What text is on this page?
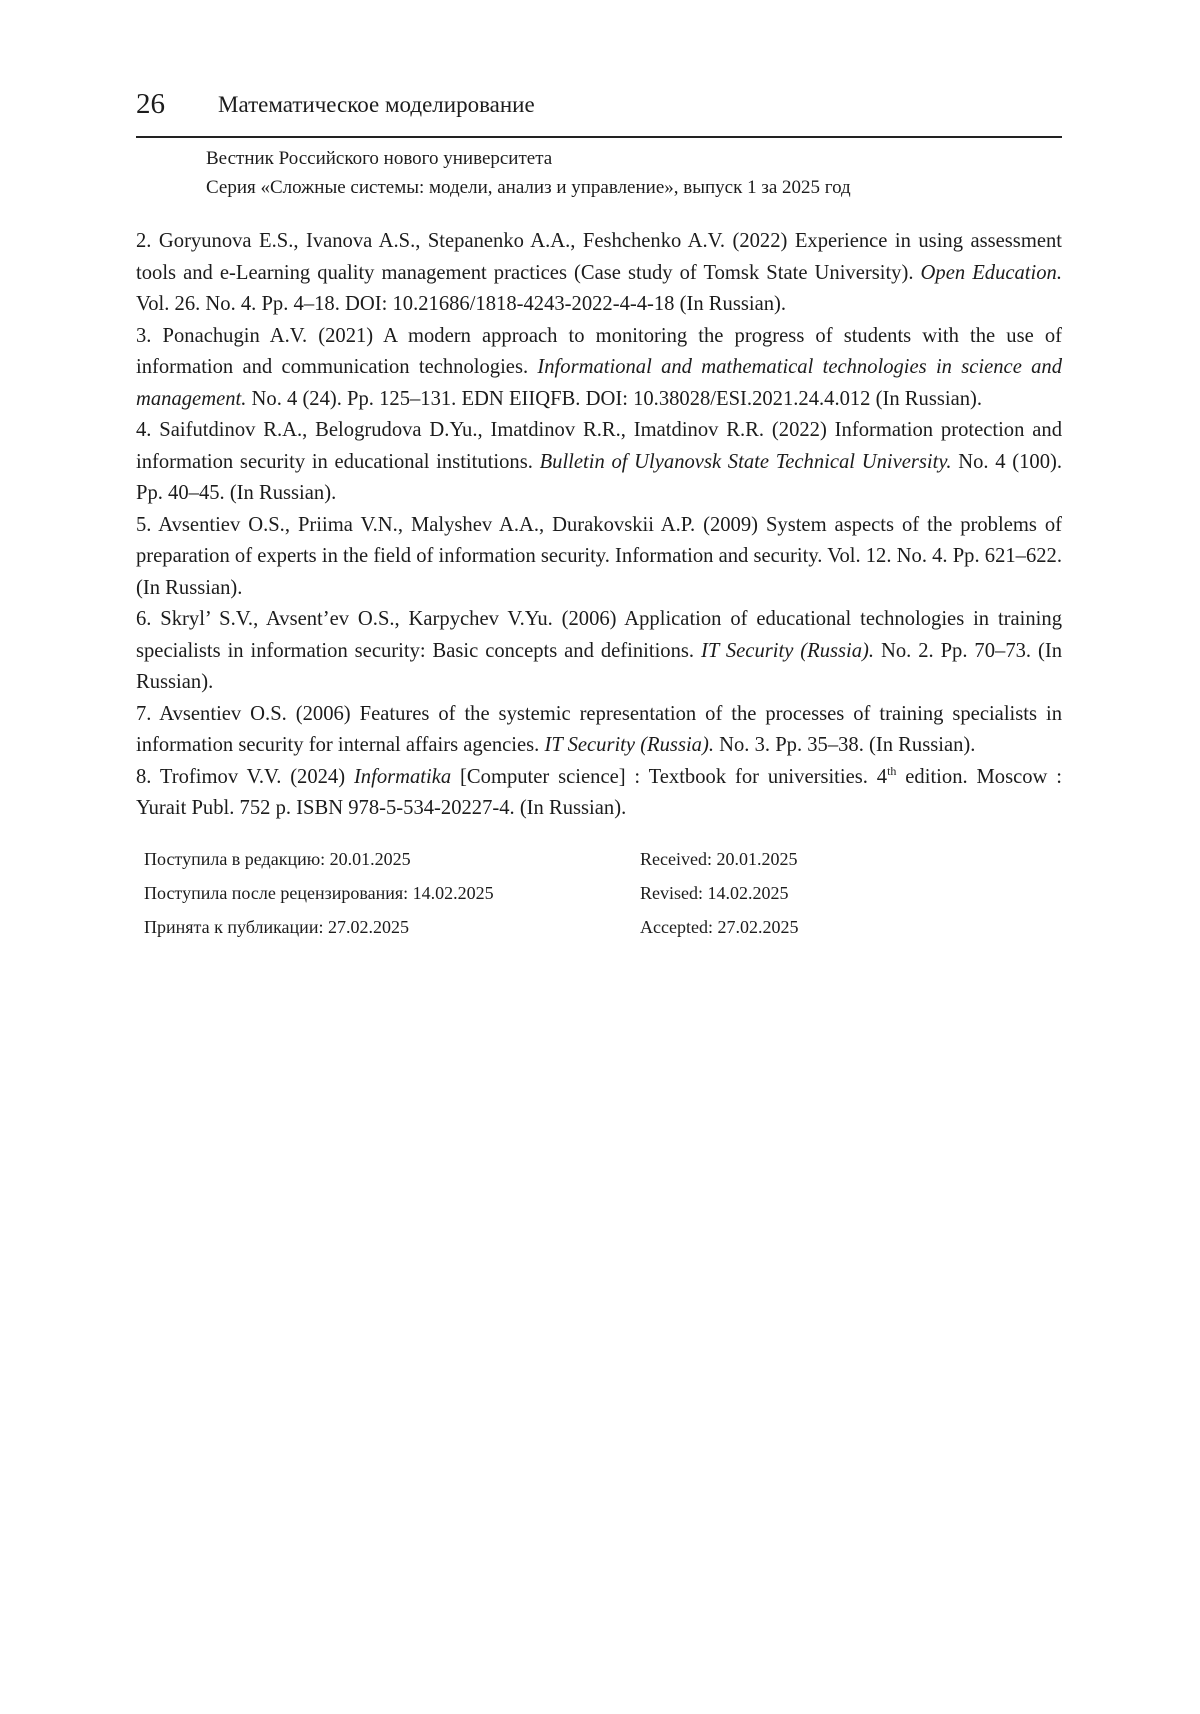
26 Математическое моделирование
Вестник Российского нового университета
Серия «Сложные системы: модели, анализ и управление», выпуск 1 за 2025 год

2. Goryunova E.S., Ivanova A.S., Stepanenko A.A., Feshchenko A.V. (2022) Experience in using assessment tools and e-Learning quality management practices (Case study of Tomsk State University). Open Education. Vol. 26. No. 4. Pp. 4–18. DOI: 10.21686/1818-4243-2022-4-4-18 (In Russian).

3. Ponachugin A.V. (2021) A modern approach to monitoring the progress of students with the use of information and communication technologies. Informational and mathematical technologies in science and management. No. 4 (24). Pp. 125–131. EDN EIIQFB. DOI: 10.38028/ESI.2021.24.4.012 (In Russian).

4. Saifutdinov R.A., Belogrudova D.Yu., Imatdinov R.R., Imatdinov R.R. (2022) Information protection and information security in educational institutions. Bulletin of Ulyanovsk State Technical University. No. 4 (100). Pp. 40–45. (In Russian).

5. Avsentiev O.S., Priima V.N., Malyshev A.A., Durakovskii A.P. (2009) System aspects of the problems of preparation of experts in the field of information security. Information and security. Vol. 12. No. 4. Pp. 621–622. (In Russian).

6. Skryl’ S.V., Avsent’ev O.S., Karpychev V.Yu. (2006) Application of educational technologies in training specialists in information security: Basic concepts and definitions. IT Security (Russia). No. 2. Pp. 70–73. (In Russian).

7. Avsentiev O.S. (2006) Features of the systemic representation of the processes of training specialists in information security for internal affairs agencies. IT Security (Russia). No. 3. Pp. 35–38. (In Russian).

8. Trofimov V.V. (2024) Informatika [Computer science] : Textbook for universities. 4th edition. Moscow : Yurait Publ. 752 p. ISBN 978-5-534-20227-4. (In Russian).

Поступила в редакцию: 20.01.2025	Received: 20.01.2025
Поступила после рецензирования: 14.02.2025	Revised: 14.02.2025
Принята к публикации: 27.02.2025	Accepted: 27.02.2025
